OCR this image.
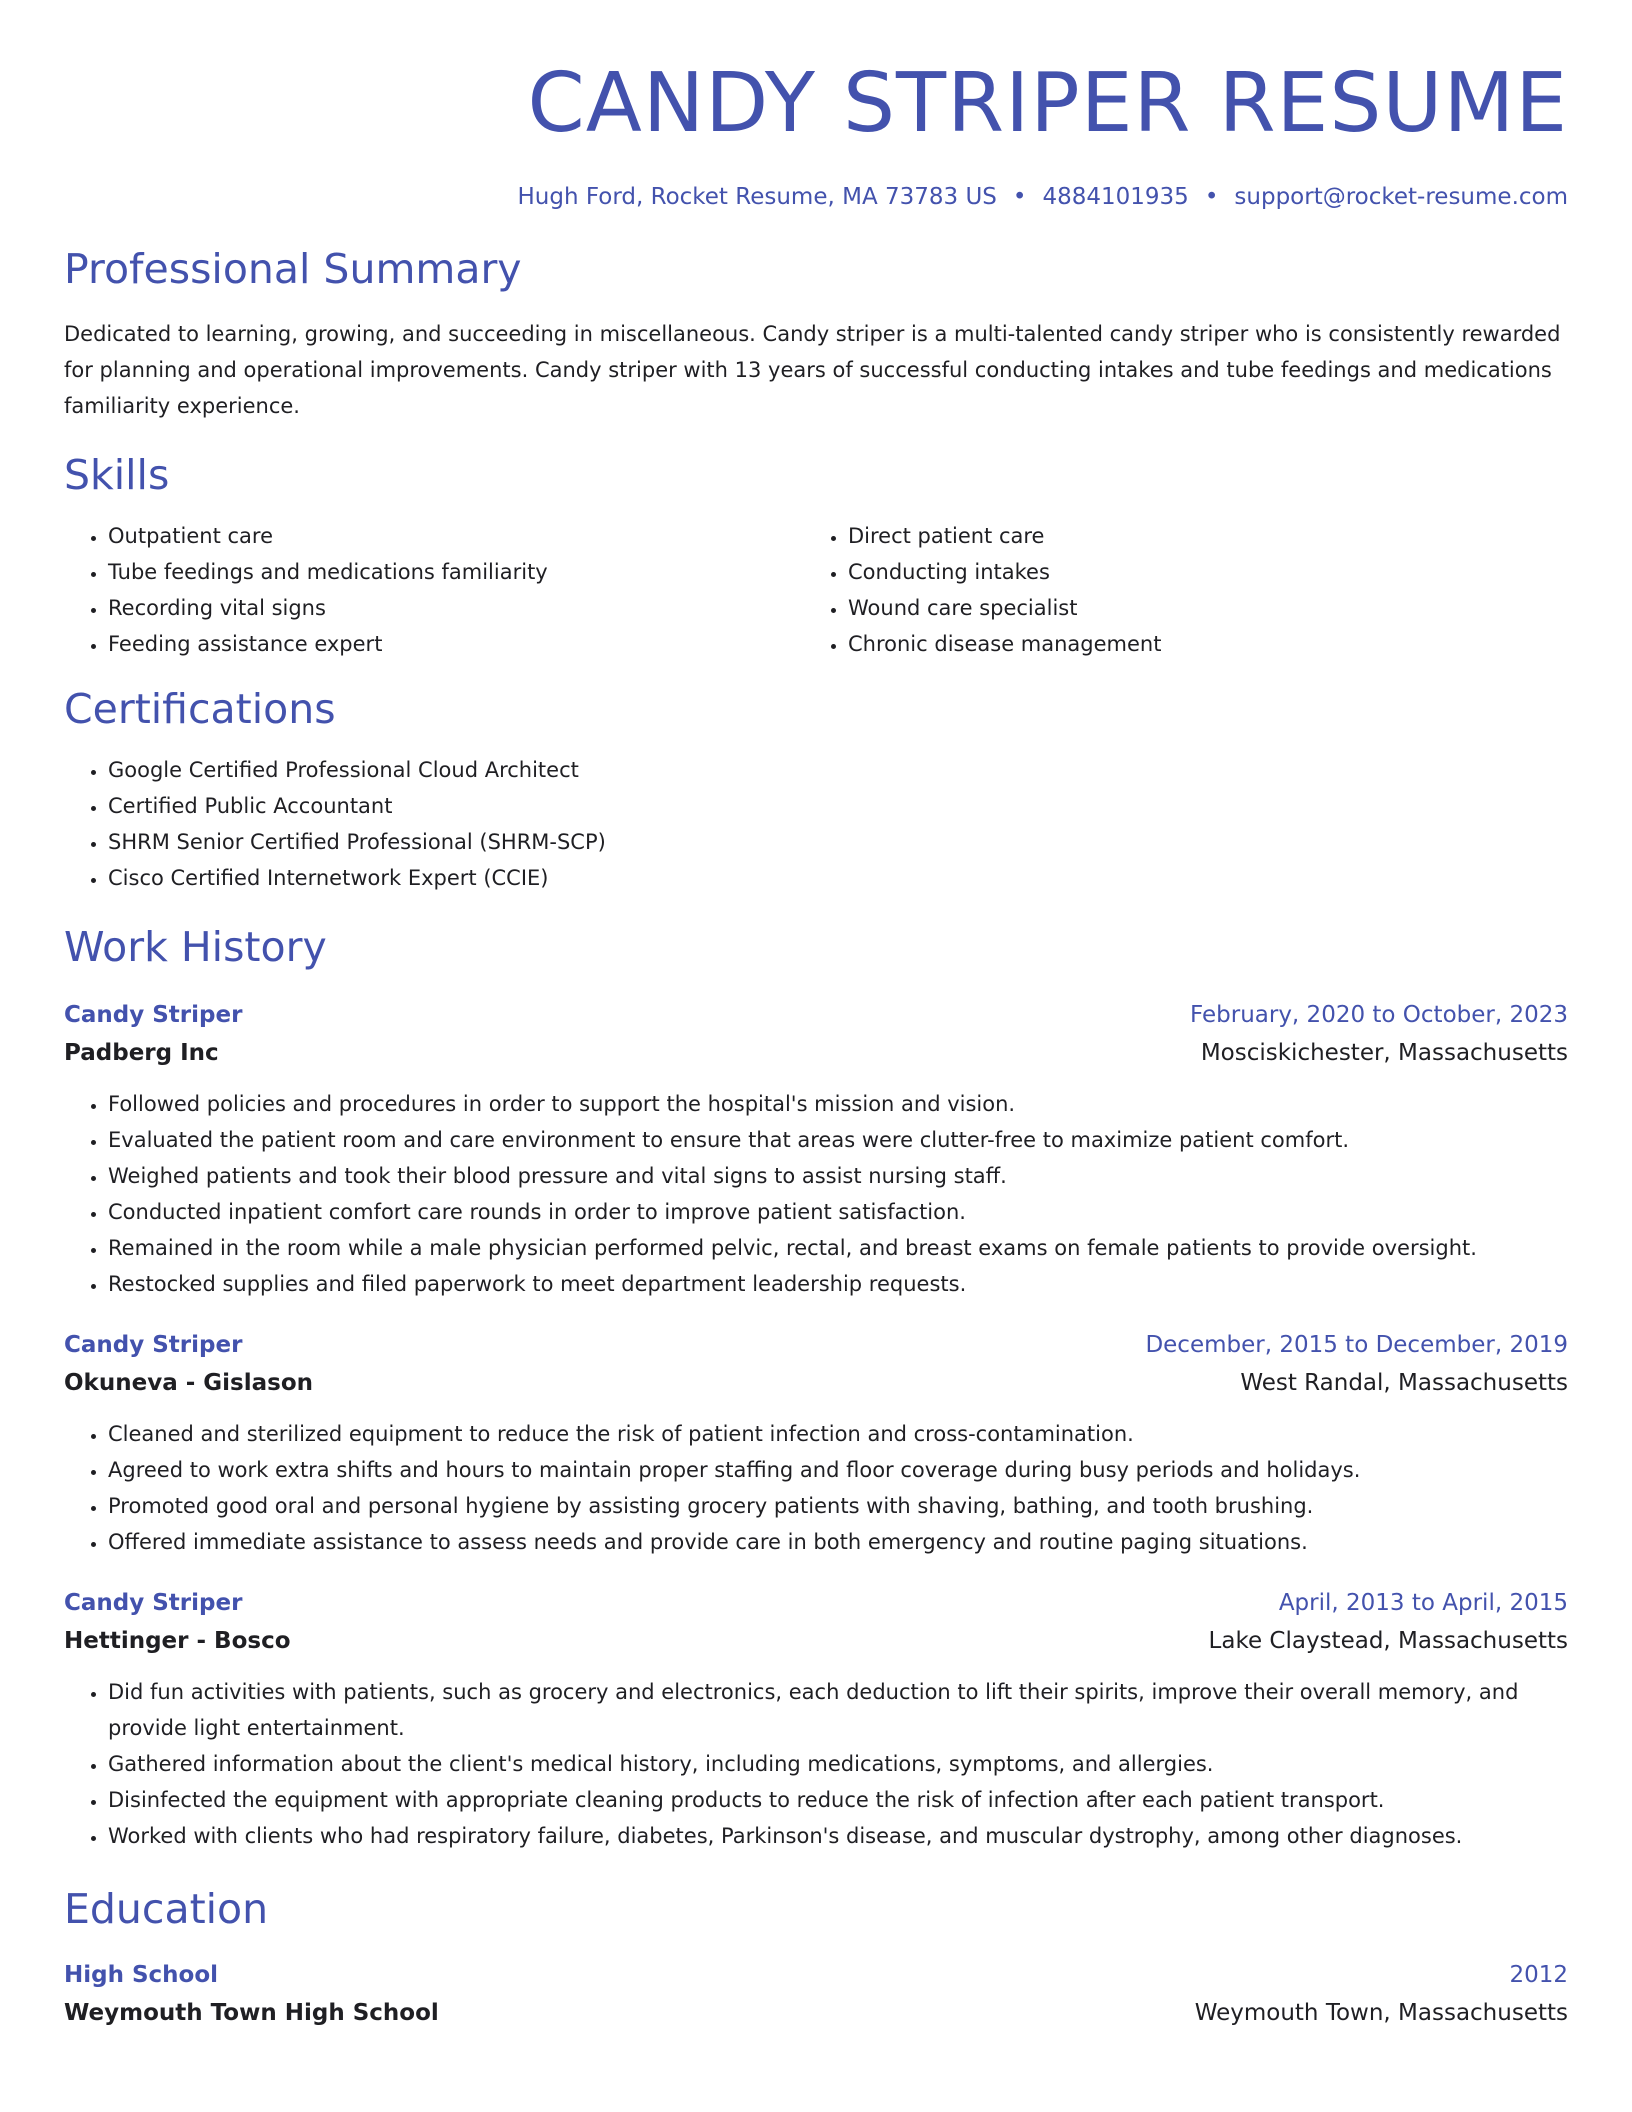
CANDY STRIPER RESUME
Hugh Ford, Rocket Resume, MA 73783 US • 4884101935 • support@rocket-resume.com
Professional Summary

Dedicated to learning, growing, and succeeding in miscellaneous. Candy striper is a multi-talented candy striper who is consistently rewarded for planning and operational improvements. Candy striper with 13 years of successful conducting intakes and tube feedings and medications familiarity experience.

Skills
• Outpatient care
• Tube feedings and medications familiarity
• Recording vital signs
• Feeding assistance expert
• Direct patient care
• Conducting intakes
• Wound care specialist
• Chronic disease management
Certifications
• Google Certified Professional Cloud Architect
• Certified Public Accountant
• SHRM Senior Certified Professional (SHRM-SCP)
• Cisco Certified Internetwork Expert (CCIE)
Work History
Candy Striper	February, 2020 to October, 2023
Padberg Inc	Mosciskichester, Massachusetts
• Followed policies and procedures in order to support the hospital's mission and vision.
• Evaluated the patient room and care environment to ensure that areas were clutter-free to maximize patient comfort.
• Weighed patients and took their blood pressure and vital signs to assist nursing staff.
• Conducted inpatient comfort care rounds in order to improve patient satisfaction.
• Remained in the room while a male physician performed pelvic, rectal, and breast exams on female patients to provide oversight.
• Restocked supplies and filed paperwork to meet department leadership requests.
Candy Striper	December, 2015 to December, 2019
Okuneva - Gislason	West Randal, Massachusetts
• Cleaned and sterilized equipment to reduce the risk of patient infection and cross-contamination.
• Agreed to work extra shifts and hours to maintain proper staffing and floor coverage during busy periods and holidays.
• Promoted good oral and personal hygiene by assisting grocery patients with shaving, bathing, and tooth brushing.
• Offered immediate assistance to assess needs and provide care in both emergency and routine paging situations.
Candy Striper	April, 2013 to April, 2015
Hettinger - Bosco	Lake Claystead, Massachusetts
• Did fun activities with patients, such as grocery and electronics, each deduction to lift their spirits, improve their overall memory, and provide light entertainment.
• Gathered information about the client's medical history, including medications, symptoms, and allergies.
• Disinfected the equipment with appropriate cleaning products to reduce the risk of infection after each patient transport.
• Worked with clients who had respiratory failure, diabetes, Parkinson's disease, and muscular dystrophy, among other diagnoses.
Education
High School	2012
Weymouth Town High School	Weymouth Town, Massachusetts
